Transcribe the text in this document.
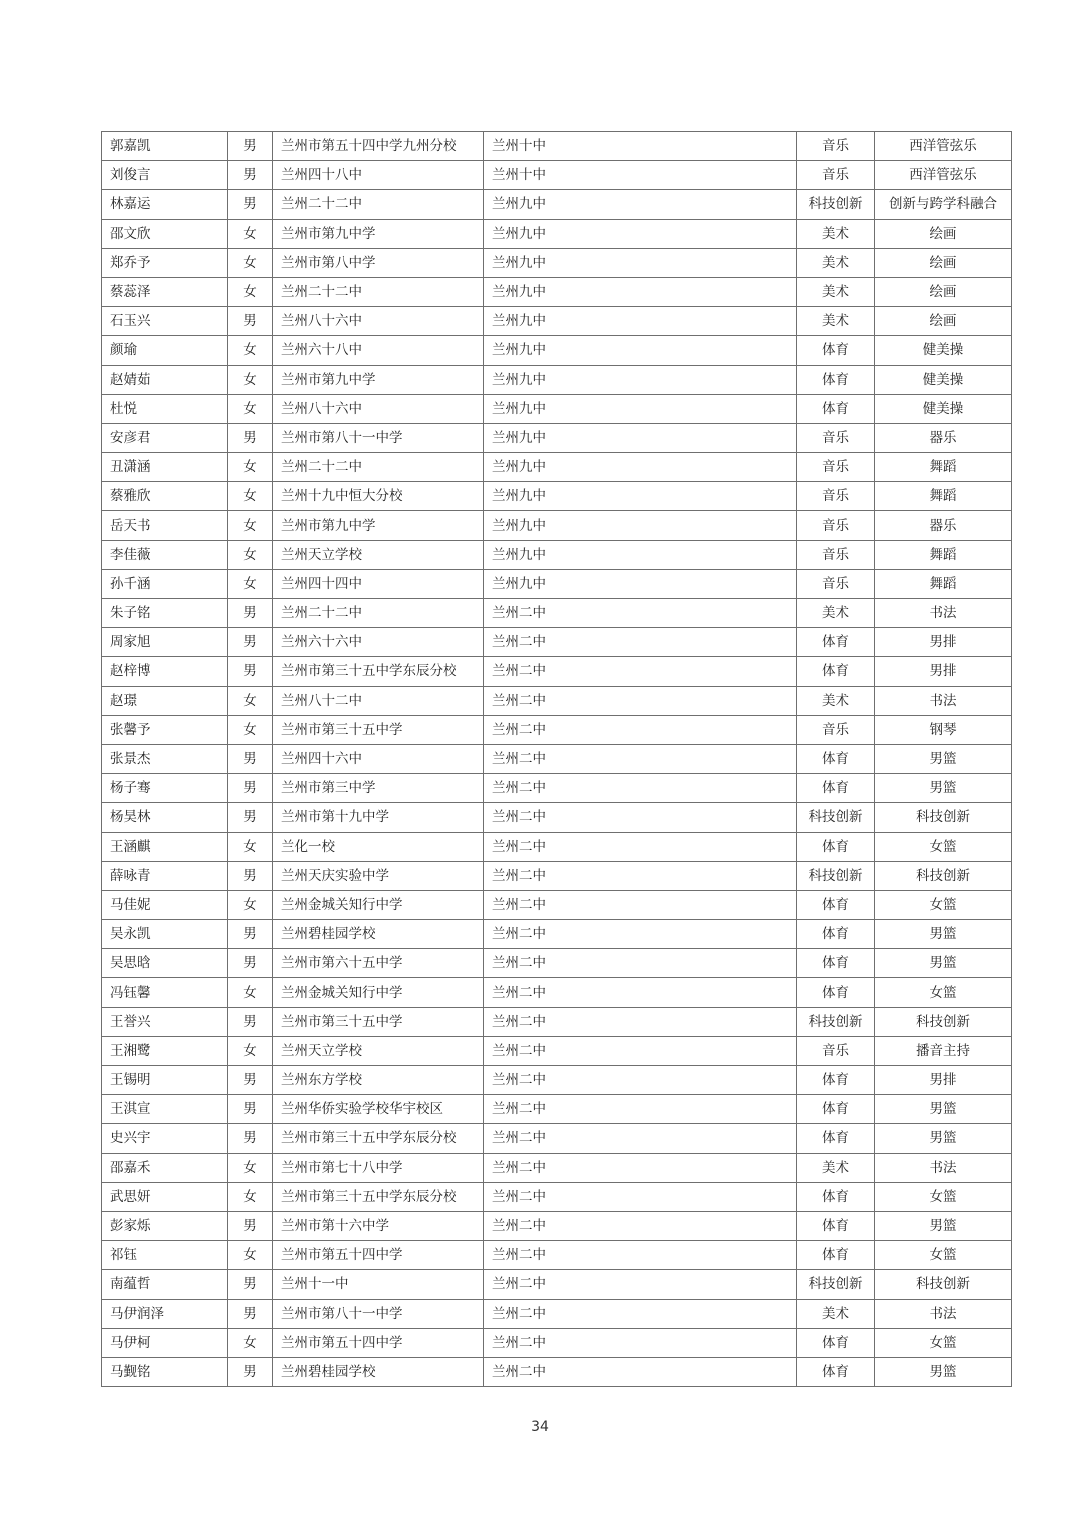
郭嘉凯	男	兰州市第五十四中学九州分校	兰州十中	音乐	西洋管弦乐
刘俊言	男	兰州四十八中	兰州十中	音乐	西洋管弦乐
林嘉运	男	兰州二十二中	兰州九中	科技创新	创新与跨学科融合
邵文欣	女	兰州市第九中学	兰州九中	美术	绘画
郑乔予	女	兰州市第八中学	兰州九中	美术	绘画
蔡蕊泽	女	兰州二十二中	兰州九中	美术	绘画
石玉兴	男	兰州八十六中	兰州九中	美术	绘画
颜瑜	女	兰州六十八中	兰州九中	体育	健美操
赵婧茹	女	兰州市第九中学	兰州九中	体育	健美操
杜悦	女	兰州八十六中	兰州九中	体育	健美操
安彦君	男	兰州市第八十一中学	兰州九中	音乐	器乐
丑潇涵	女	兰州二十二中	兰州九中	音乐	舞蹈
蔡雅欣	女	兰州十九中恒大分校	兰州九中	音乐	舞蹈
岳天书	女	兰州市第九中学	兰州九中	音乐	器乐
李佳薇	女	兰州天立学校	兰州九中	音乐	舞蹈
孙千涵	女	兰州四十四中	兰州九中	音乐	舞蹈
朱子铭	男	兰州二十二中	兰州二中	美术	书法
周家旭	男	兰州六十六中	兰州二中	体育	男排
赵梓博	男	兰州市第三十五中学东辰分校	兰州二中	体育	男排
赵璟	女	兰州八十二中	兰州二中	美术	书法
张馨予	女	兰州市第三十五中学	兰州二中	音乐	钢琴
张景杰	男	兰州四十六中	兰州二中	体育	男篮
杨子骞	男	兰州市第三中学	兰州二中	体育	男篮
杨昊林	男	兰州市第十九中学	兰州二中	科技创新	科技创新
王涵麒	女	兰化一校	兰州二中	体育	女篮
薛咏青	男	兰州天庆实验中学	兰州二中	科技创新	科技创新
马佳妮	女	兰州金城关知行中学	兰州二中	体育	女篮
吴永凯	男	兰州碧桂园学校	兰州二中	体育	男篮
吴思晗	男	兰州市第六十五中学	兰州二中	体育	男篮
冯钰馨	女	兰州金城关知行中学	兰州二中	体育	女篮
王誉兴	男	兰州市第三十五中学	兰州二中	科技创新	科技创新
王湘鹭	女	兰州天立学校	兰州二中	音乐	播音主持
王锡明	男	兰州东方学校	兰州二中	体育	男排
王淇宣	男	兰州华侨实验学校华宇校区	兰州二中	体育	男篮
史兴宇	男	兰州市第三十五中学东辰分校	兰州二中	体育	男篮
邵嘉禾	女	兰州市第七十八中学	兰州二中	美术	书法
武思妍	女	兰州市第三十五中学东辰分校	兰州二中	体育	女篮
彭家烁	男	兰州市第十六中学	兰州二中	体育	男篮
祁钰	女	兰州市第五十四中学	兰州二中	体育	女篮
南蕴哲	男	兰州十一中	兰州二中	科技创新	科技创新
马伊润泽	男	兰州市第八十一中学	兰州二中	美术	书法
马伊柯	女	兰州市第五十四中学	兰州二中	体育	女篮
马觐铭	男	兰州碧桂园学校	兰州二中	体育	男篮
34
